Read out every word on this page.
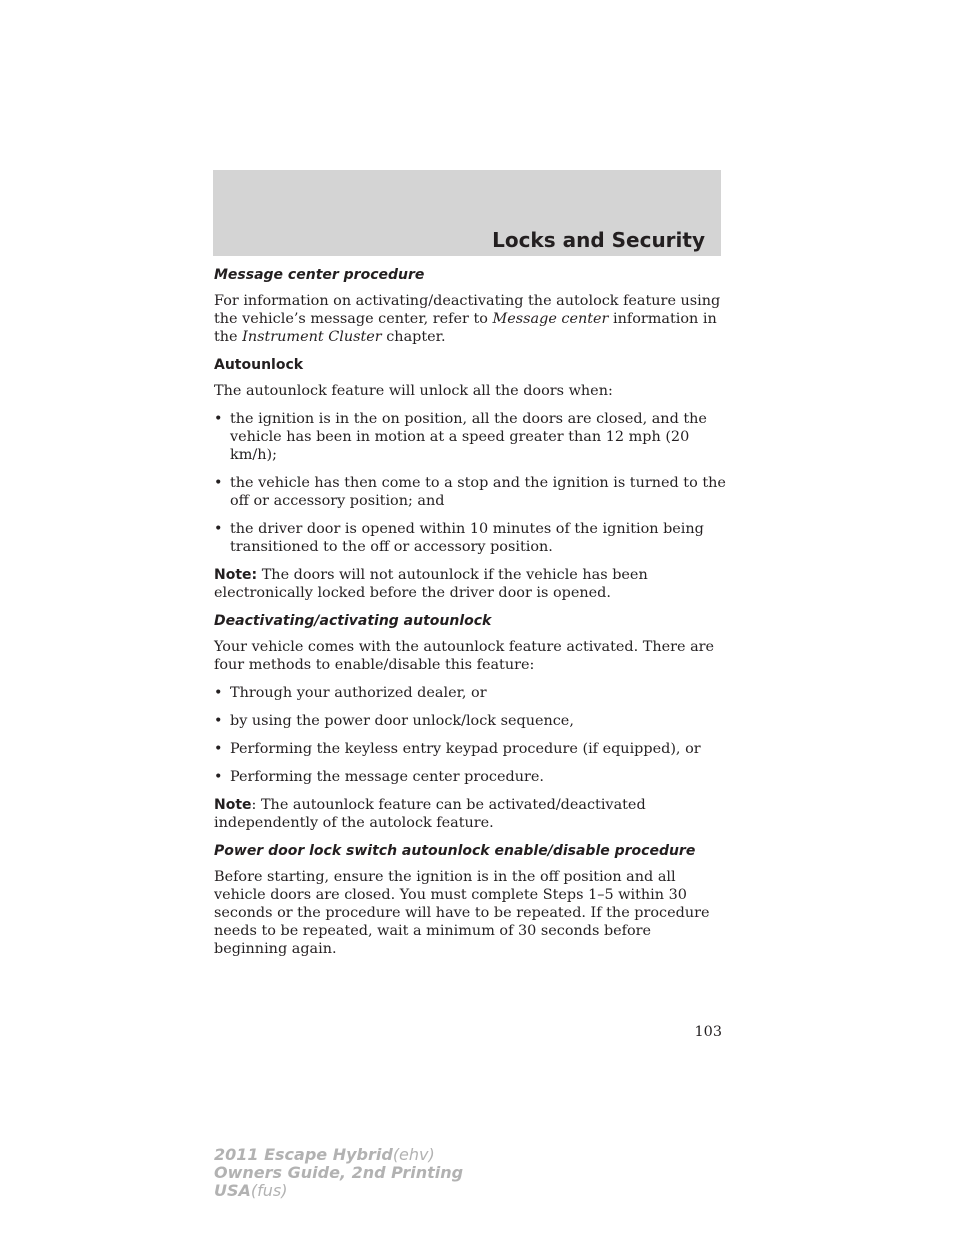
Locks and Security
Message center procedure

For information on activating/deactivating the autolock feature using the vehicle’s message center, refer to Message center information in the Instrument Cluster chapter.

Autounlock

The autounlock feature will unlock all the doors when:

• the ignition is in the on position, all the doors are closed, and the vehicle has been in motion at a speed greater than 12 mph (20 km/h);
• the vehicle has then come to a stop and the ignition is turned to the off or accessory position; and
• the driver door is opened within 10 minutes of the ignition being transitioned to the off or accessory position.

Note: The doors will not autounlock if the vehicle has been electronically locked before the driver door is opened.

Deactivating/activating autounlock

Your vehicle comes with the autounlock feature activated. There are four methods to enable/disable this feature:

• Through your authorized dealer, or
• by using the power door unlock/lock sequence,
• Performing the keyless entry keypad procedure (if equipped), or
• Performing the message center procedure.

Note: The autounlock feature can be activated/deactivated independently of the autolock feature.

Power door lock switch autounlock enable/disable procedure

Before starting, ensure the ignition is in the off position and all vehicle doors are closed. You must complete Steps 1–5 within 30 seconds or the procedure will have to be repeated. If the procedure needs to be repeated, wait a minimum of 30 seconds before beginning again.

103
2011 Escape Hybrid(ehv)
Owners Guide, 2nd Printing
USA(fus)
